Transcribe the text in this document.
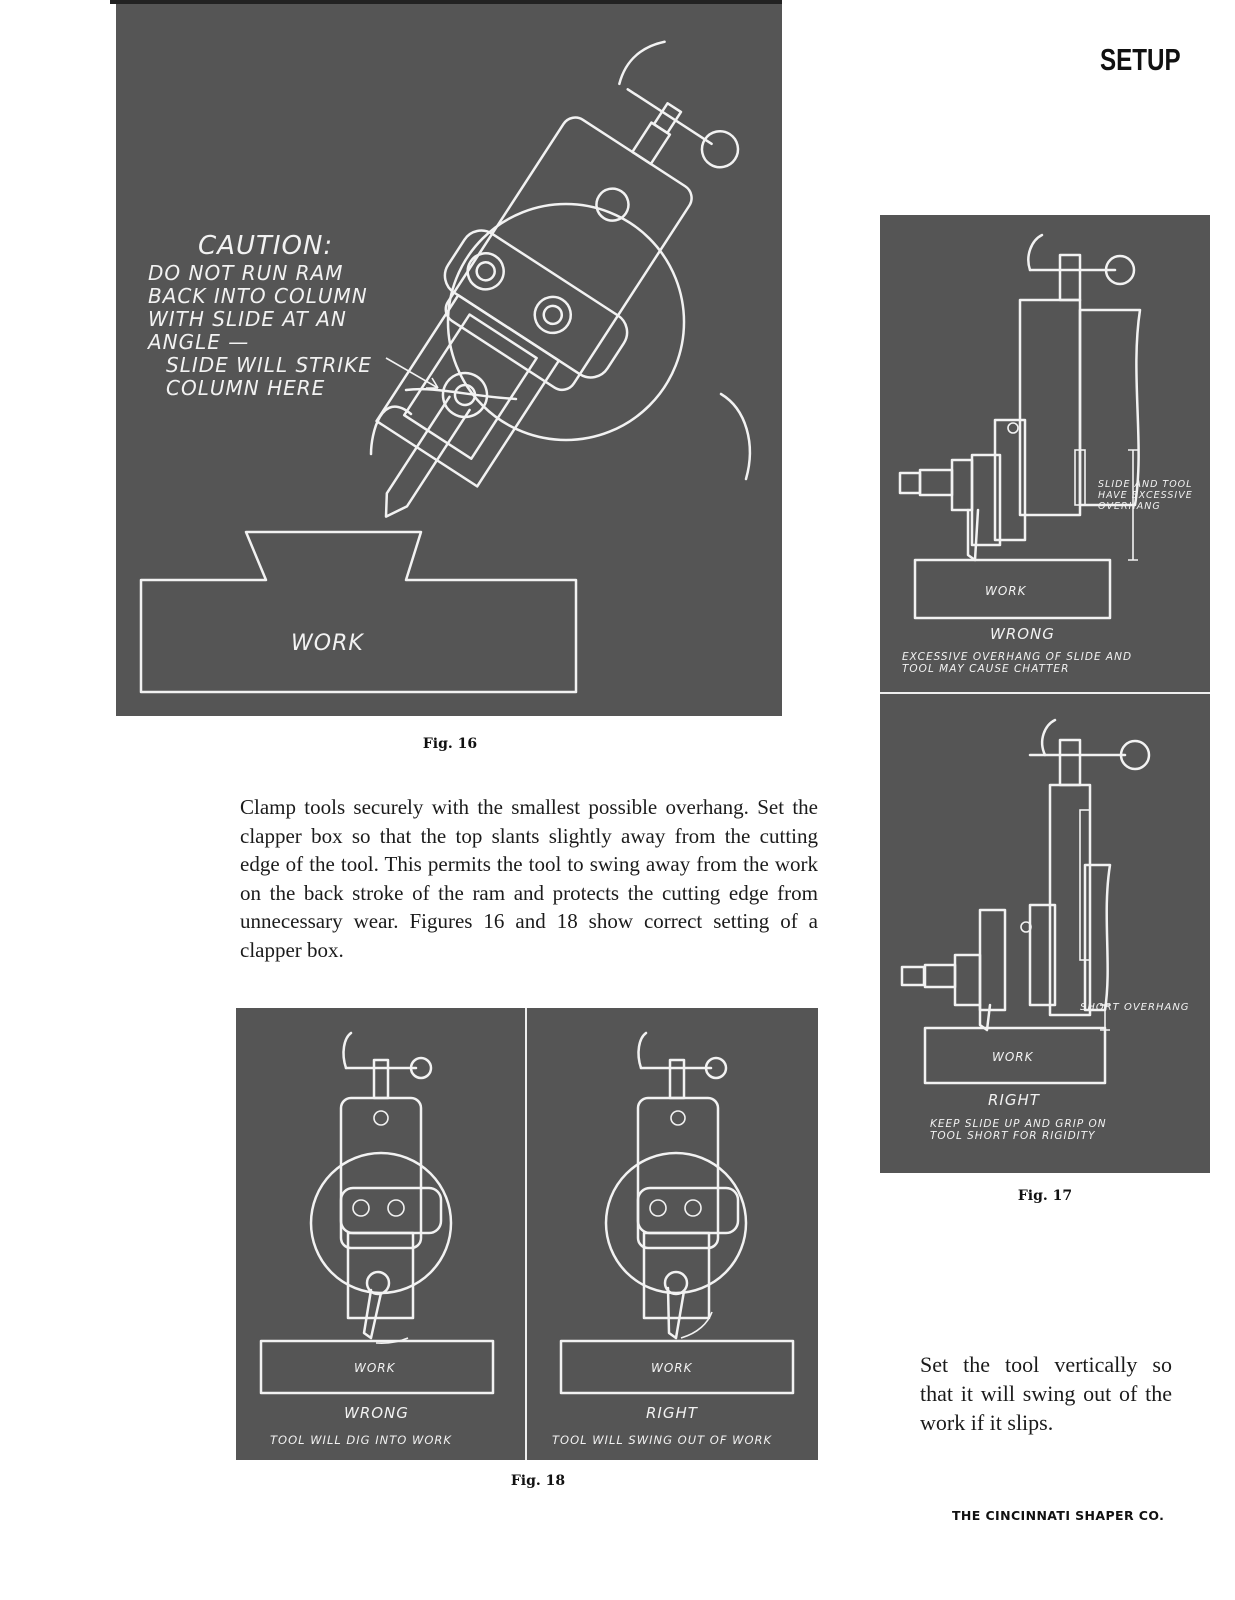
SETUP
CAUTION:
DO NOT RUN RAM
BACK INTO COLUMN
WITH SLIDE AT AN
ANGLE —
SLIDE WILL STRIKE
COLUMN HERE
WORK
Fig. 16
SLIDE AND TOOL
HAVE EXCESSIVE
OVERHANG
WORK
WRONG
EXCESSIVE OVERHANG OF SLIDE AND
TOOL MAY CAUSE CHATTER
SHORT OVERHANG
WORK
RIGHT
KEEP SLIDE UP AND GRIP ON
TOOL SHORT FOR RIGIDITY
Fig. 17

Clamp tools securely with the smallest possible overhang. Set the clapper box so that the top slants slightly away from the cutting edge of the tool. This permits the tool to swing away from the work on the back stroke of the ram and protects the cutting edge from unnecessary wear. Figures 16 and 18 show correct setting of a clapper box.

WORK
WRONG
TOOL WILL DIG INTO WORK
WORK
RIGHT
TOOL WILL SWING OUT OF WORK
Fig. 18

Set the tool vertically so that it will swing out of the work if it slips.

THE CINCINNATI SHAPER CO.
